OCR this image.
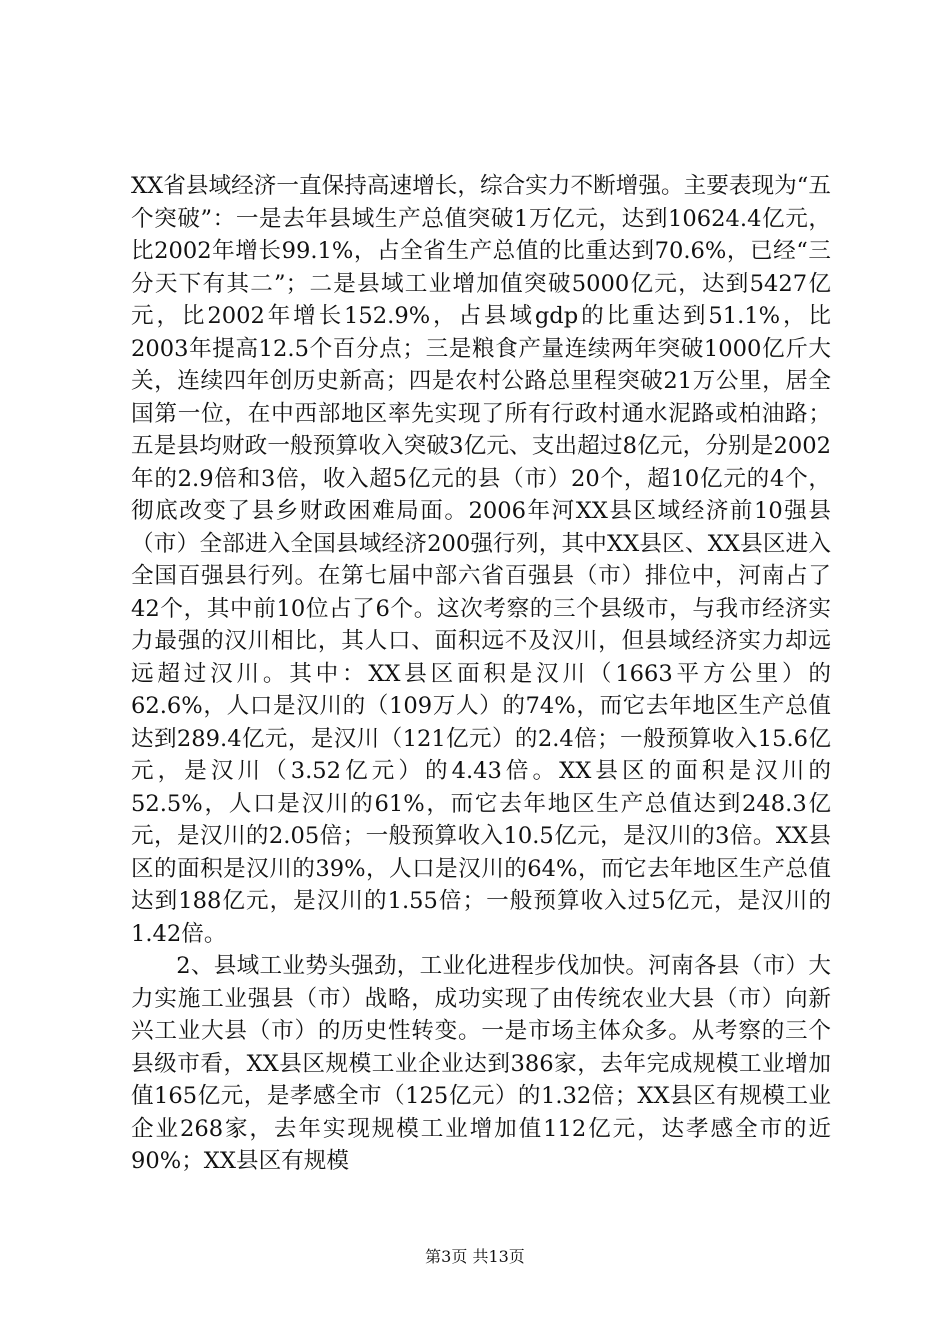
XX省县域经济一直保持高速增长，综合实力不断增强。主要表现为“五个突破”：一是去年县域生产总值突破1万亿元，达到10624.4亿元，比2002年增长99.1%，占全省生产总值的比重达到70.6%，已经“三分天下有其二”；二是县域工业增加值突破5000亿元，达到5427亿元，比2002年增长152.9%，占县域gdp的比重达到51.1%，比2003年提高12.5个百分点；三是粮食产量连续两年突破1000亿斤大关，连续四年创历史新高；四是农村公路总里程突破21万公里，居全国第一位，在中西部地区率先实现了所有行政村通水泥路或柏油路；五是县均财政一般预算收入突破3亿元、支出超过8亿元，分别是2002年的2.9倍和3倍，收入超5亿元的县（市）20个，超10亿元的4个，彻底改变了县乡财政困难局面。2006年河XX县区域经济前10强县（市）全部进入全国县域经济200强行列，其中XX县区、XX县区进入全国百强县行列。在第七届中部六省百强县（市）排位中，河南占了42个，其中前10位占了6个。这次考察的三个县级市，与我市经济实力最强的汉川相比，其人口、面积远不及汉川，但县域经济实力却远远超过汉川。其中：XX县区面积是汉川（1663平方公里）的62.6%，人口是汉川的（109万人）的74%，而它去年地区生产总值达到289.4亿元，是汉川（121亿元）的2.4倍；一般预算收入15.6亿元，是汉川（3.52亿元）的4.43倍。XX县区的面积是汉川的52.5%，人口是汉川的61%，而它去年地区生产总值达到248.3亿元，是汉川的2.05倍；一般预算收入10.5亿元，是汉川的3倍。XX县区的面积是汉川的39%，人口是汉川的64%，而它去年地区生产总值达到188亿元，是汉川的1.55倍；一般预算收入过5亿元，是汉川的1.42倍。

2、县域工业势头强劲，工业化进程步伐加快。河南各县（市）大力实施工业强县（市）战略，成功实现了由传统农业大县（市）向新兴工业大县（市）的历史性转变。一是市场主体众多。从考察的三个县级市看，XX县区规模工业企业达到386家，去年完成规模工业增加值165亿元，是孝感全市（125亿元）的1.32倍；XX县区有规模工业企业268家，去年实现规模工业增加值112亿元，达孝感全市的近90%；XX县区有规模

第3页 共13页
